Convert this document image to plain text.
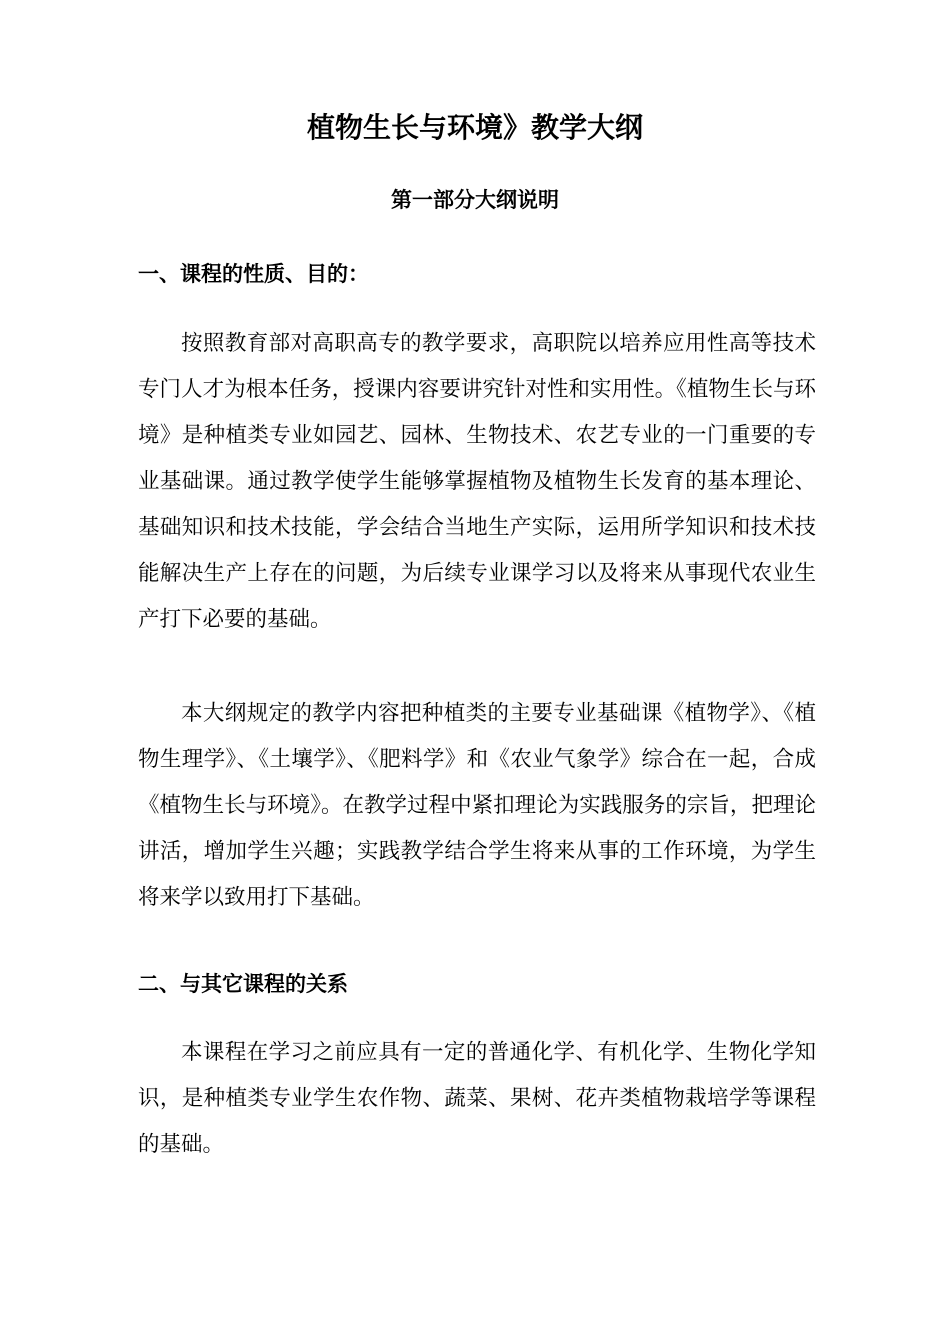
植物生长与环境》教学大纲
第一部分大纲说明
一、课程的性质、目的：

按照教育部对高职高专的教学要求，高职院以培养应用性高等技术专门人才为根本任务，授课内容要讲究针对性和实用性。《植物生长与环境》是种植类专业如园艺、园林、生物技术、农艺专业的一门重要的专业基础课。通过教学使学生能够掌握植物及植物生长发育的基本理论、基础知识和技术技能，学会结合当地生产实际，运用所学知识和技术技能解决生产上存在的问题，为后续专业课学习以及将来从事现代农业生产打下必要的基础。

本大纲规定的教学内容把种植类的主要专业基础课《植物学》、《植物生理学》、《土壤学》、《肥料学》和《农业气象学》综合在一起，合成《植物生长与环境》。在教学过程中紧扣理论为实践服务的宗旨，把理论讲活，增加学生兴趣；实践教学结合学生将来从事的工作环境，为学生将来学以致用打下基础。

二、与其它课程的关系

本课程在学习之前应具有一定的普通化学、有机化学、生物化学知识，是种植类专业学生农作物、蔬菜、果树、花卉类植物栽培学等课程的基础。
